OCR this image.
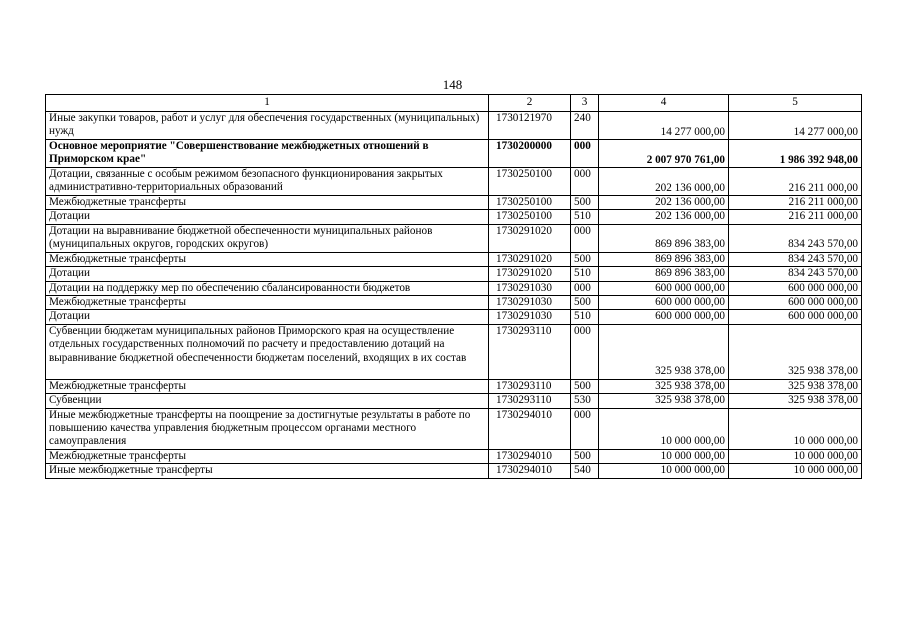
148
1	2	3	4	5
Иные закупки товаров, работ и услуг для обеспечения государственных (муниципальных) нужд	1730121970	240	14 277 000,00	14 277 000,00
Основное мероприятие "Совершенствование межбюджетных отношений в Приморском крае"	1730200000	000	2 007 970 761,00	1 986 392 948,00
Дотации, связанные с особым режимом безопасного функционирования закрытых административно-территориальных образований	1730250100	000	202 136 000,00	216 211 000,00
Межбюджетные трансферты	1730250100	500	202 136 000,00	216 211 000,00
Дотации	1730250100	510	202 136 000,00	216 211 000,00
Дотации на выравнивание бюджетной обеспеченности муниципальных районов (муниципальных округов, городских округов)	1730291020	000	869 896 383,00	834 243 570,00
Межбюджетные трансферты	1730291020	500	869 896 383,00	834 243 570,00
Дотации	1730291020	510	869 896 383,00	834 243 570,00
Дотации на поддержку мер по обеспечению сбалансированности бюджетов	1730291030	000	600 000 000,00	600 000 000,00
Межбюджетные трансферты	1730291030	500	600 000 000,00	600 000 000,00
Дотации	1730291030	510	600 000 000,00	600 000 000,00
Субвенции бюджетам муниципальных районов Приморского края на осуществление отдельных государственных полномочий по расчету и предоставлению дотаций на выравнивание бюджетной обеспеченности бюджетам поселений, входящих в их состав	1730293110	000	325 938 378,00	325 938 378,00
Межбюджетные трансферты	1730293110	500	325 938 378,00	325 938 378,00
Субвенции	1730293110	530	325 938 378,00	325 938 378,00
Иные межбюджетные трансферты на поощрение за достигнутые результаты в работе по повышению качества управления бюджетным процессом органами местного самоуправления	1730294010	000	10 000 000,00	10 000 000,00
Межбюджетные трансферты	1730294010	500	10 000 000,00	10 000 000,00
Иные межбюджетные трансферты	1730294010	540	10 000 000,00	10 000 000,00
